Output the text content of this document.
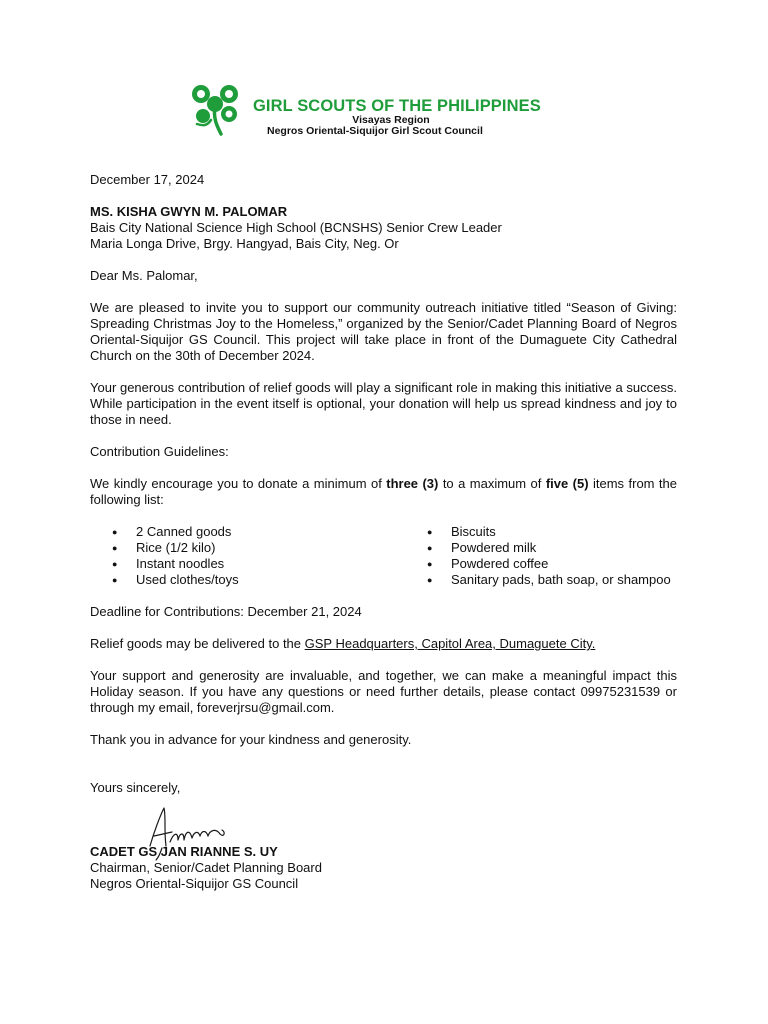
GIRL SCOUTS OF THE PHILIPPINES
Visayas Region
Negros Oriental-Siquijor Girl Scout Council

December 17, 2024

MS. KISHA GWYN M. PALOMAR

Bais City National Science High School (BCNSHS) Senior Crew Leader

Maria Longa Drive, Brgy. Hangyad, Bais City, Neg. Or

Dear Ms. Palomar,

We are pleased to invite you to support our community outreach initiative titled “Season of Giving: Spreading Christmas Joy to the Homeless,” organized by the Senior/Cadet Planning Board of Negros Oriental-Siquijor GS Council. This project will take place in front of the Dumaguete City Cathedral Church on the 30th of December 2024.

Your generous contribution of relief goods will play a significant role in making this initiative a success. While participation in the event itself is optional, your donation will help us spread kindness and joy to those in need.

Contribution Guidelines:

We kindly encourage you to donate a minimum of three (3) to a maximum of five (5) items from the following list:

● 2 Canned goods
● Rice (1/2 kilo)
● Instant noodles
● Used clothes/toys
● Biscuits
● Powdered milk
● Powdered coffee
● Sanitary pads, bath soap, or shampoo

Deadline for Contributions: December 21, 2024

Relief goods may be delivered to the GSP Headquarters, Capitol Area, Dumaguete City.

Your support and generosity are invaluable, and together, we can make a meaningful impact this Holiday season. If you have any questions or need further details, please contact 09975231539 or through my email, foreverjrsu@gmail.com.

Thank you in advance for your kindness and generosity.

Yours sincerely,

CADET GS JAN RIANNE S. UY

Chairman, Senior/Cadet Planning Board

Negros Oriental-Siquijor GS Council
